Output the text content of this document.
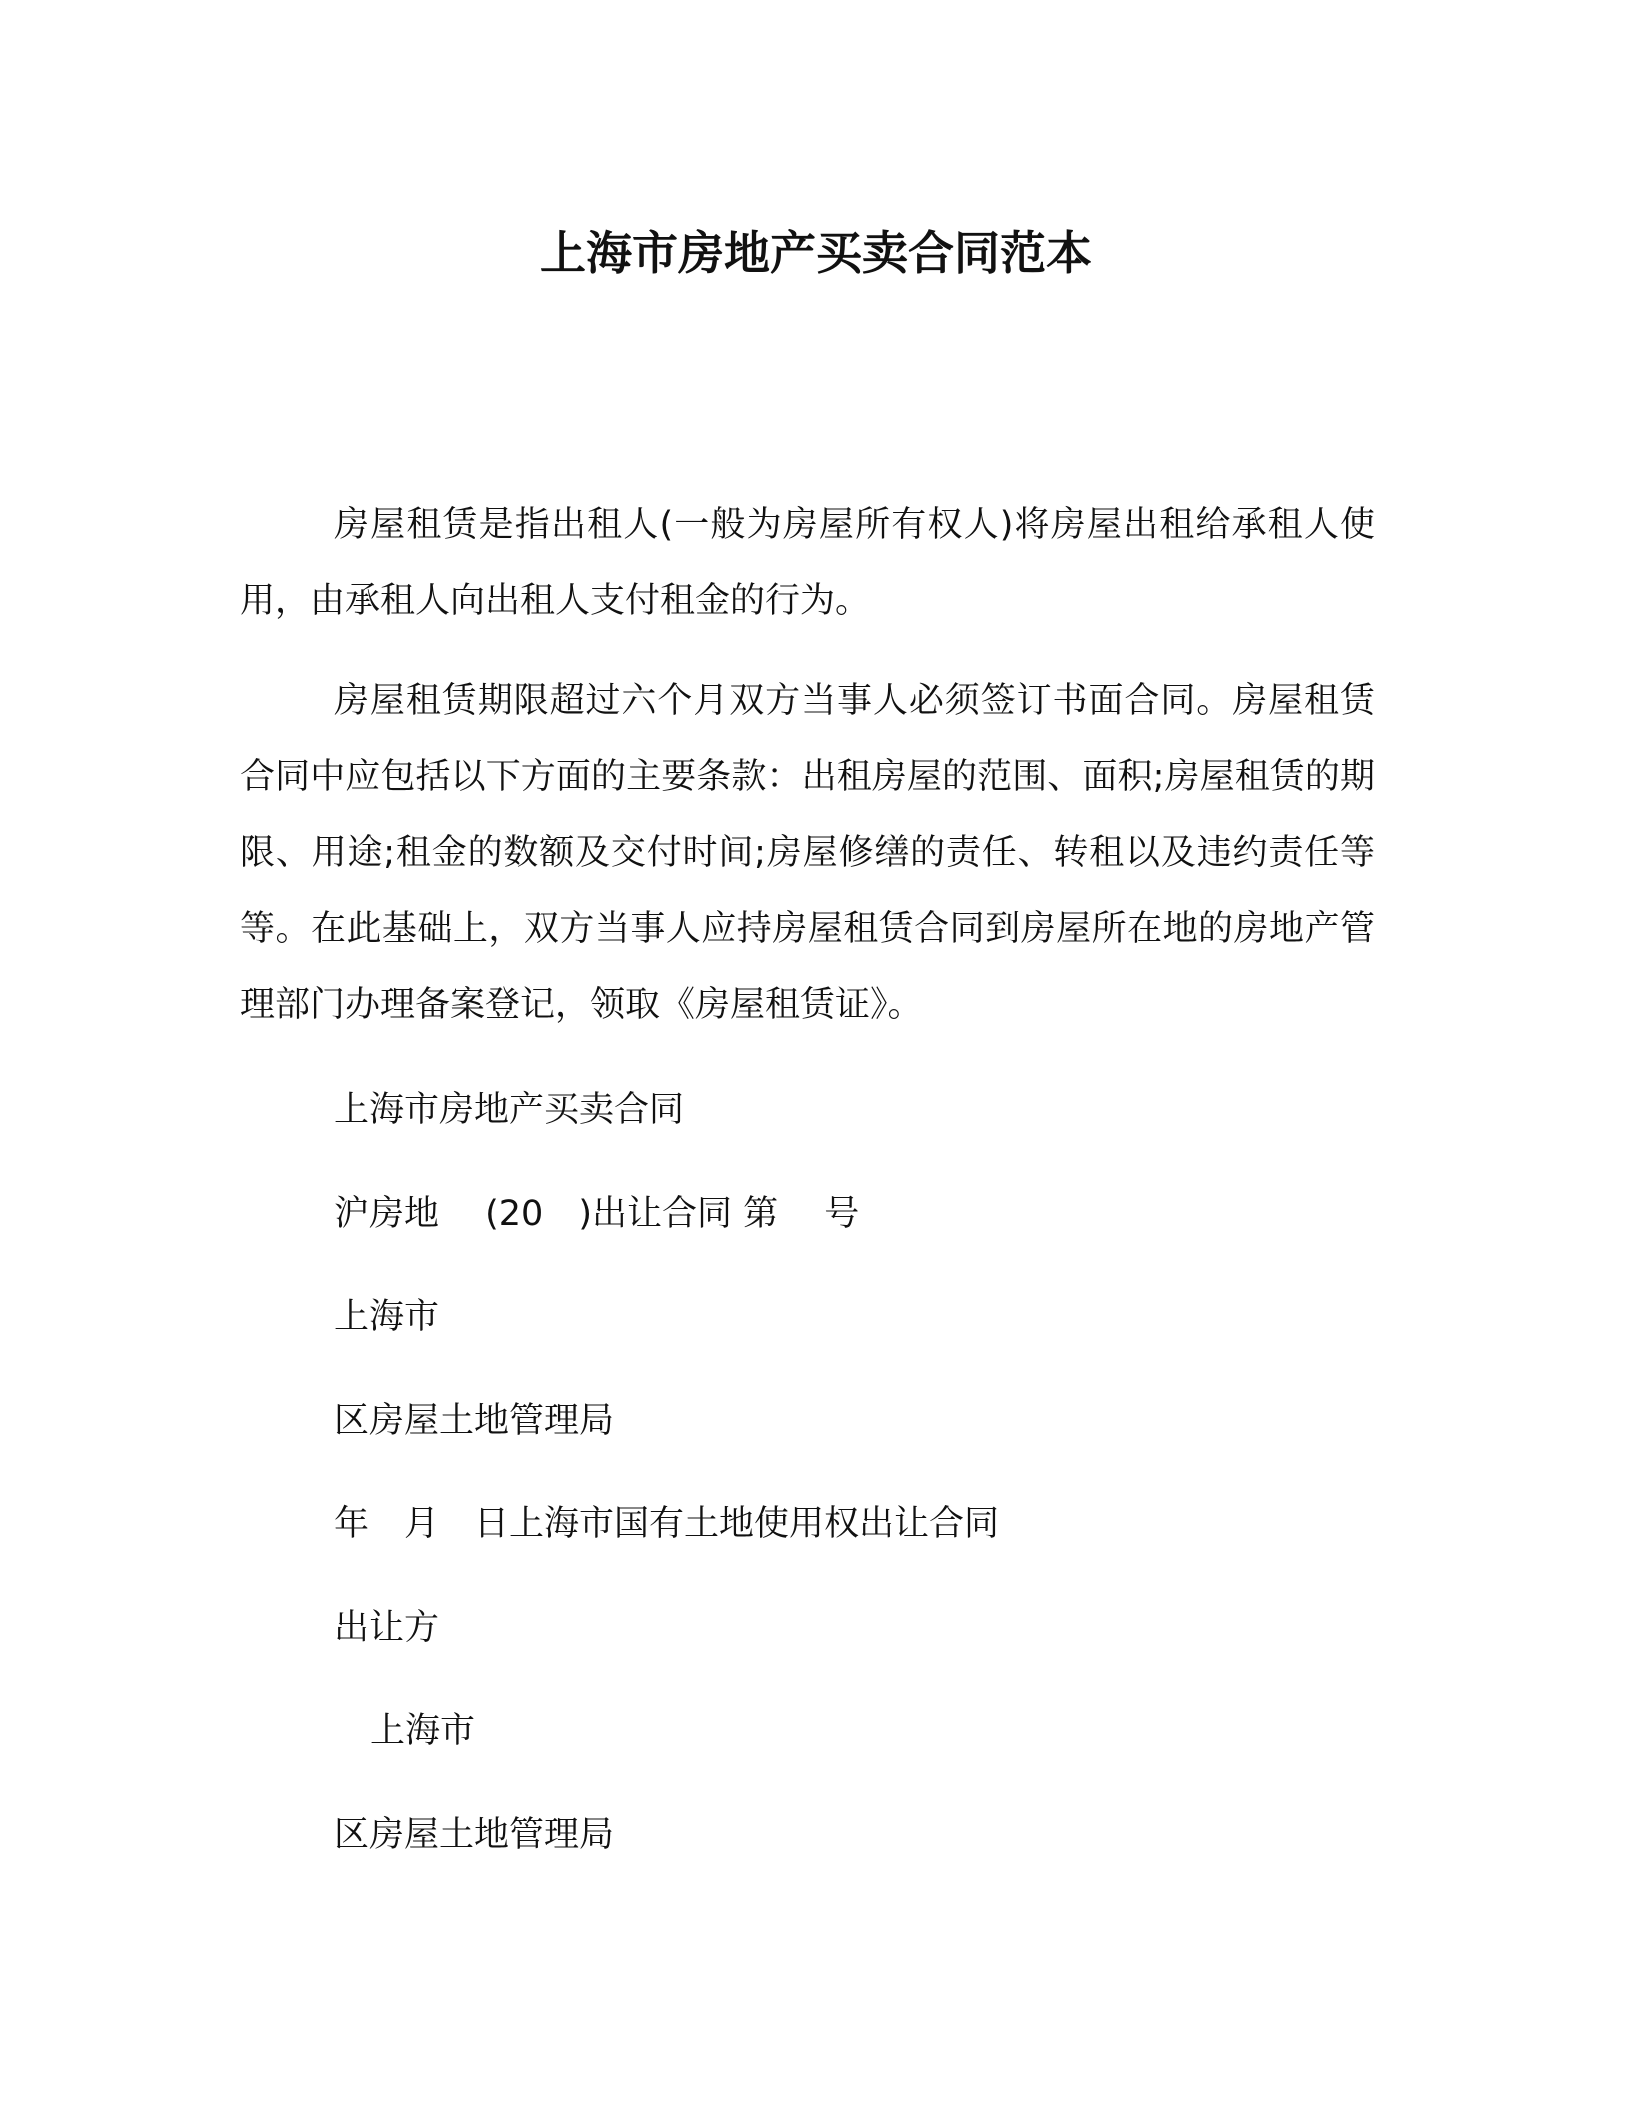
上海市房地产买卖合同范本

房屋租赁是指出租人(一般为房屋所有权人)将房屋出租给承租人使用，由承租人向出租人支付租金的行为。

房屋租赁期限超过六个月双方当事人必须签订书面合同。房屋租赁合同中应包括以下方面的主要条款：出租房屋的范围、面积;房屋租赁的期限、用途;租金的数额及交付时间;房屋修缮的责任、转租以及违约责任等等。在此基础上，双方当事人应持房屋租赁合同到房屋所在地的房地产管理部门办理备案登记，领取《房屋租赁证》。

上海市房地产买卖合同

沪房地　 (20　)出让合同 第　 号

上海市

区房屋土地管理局

年　月　日上海市国有土地使用权出让合同

出让方

上海市

区房屋土地管理局
